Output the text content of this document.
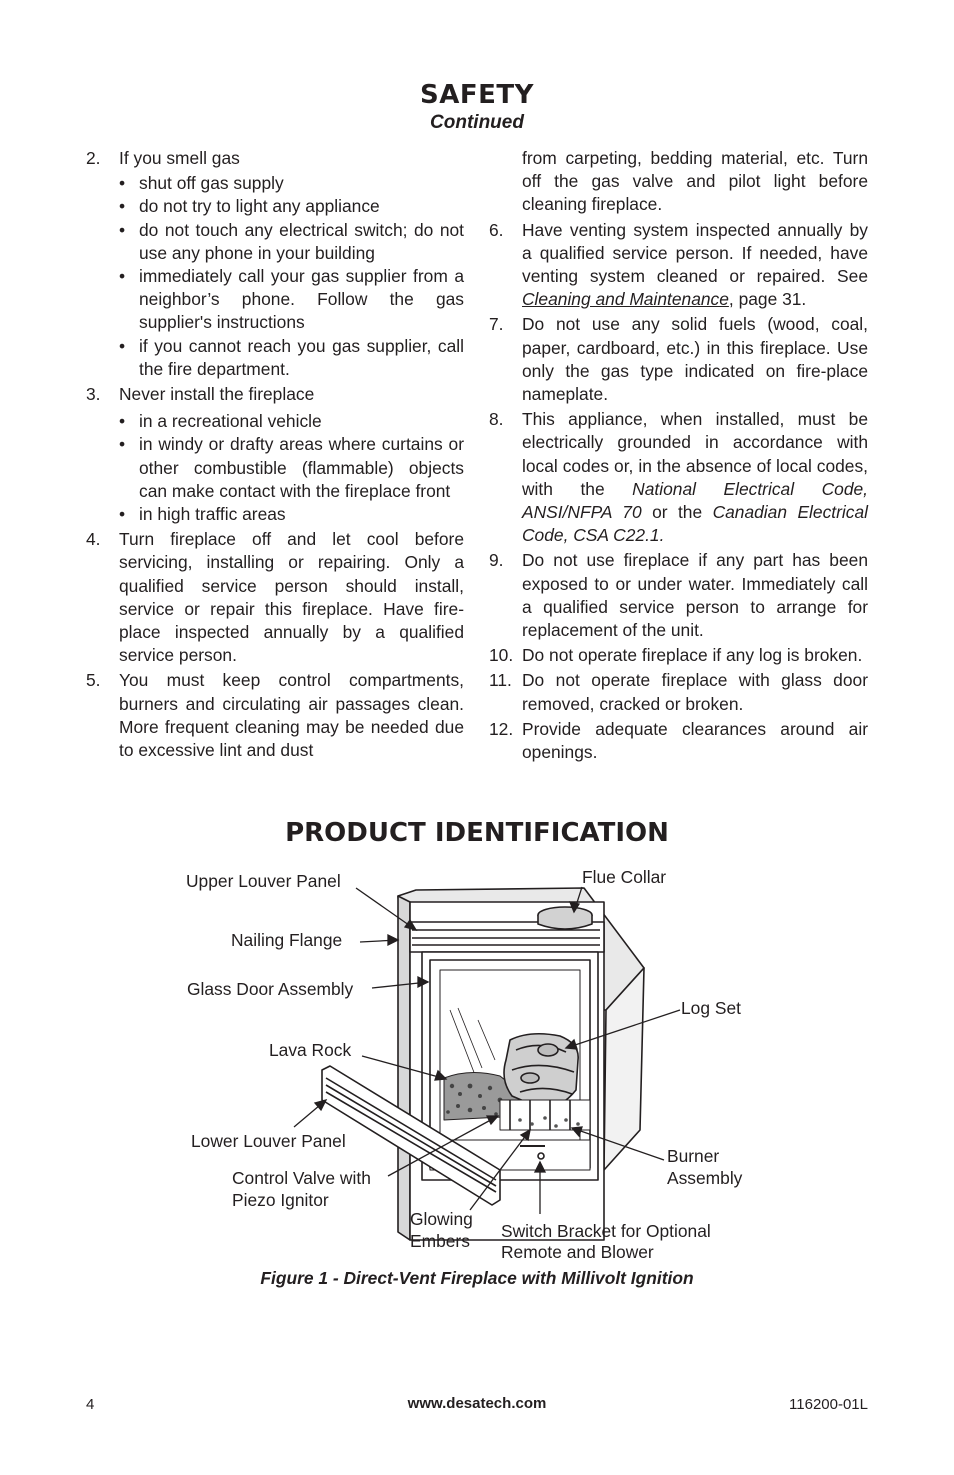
SAFETY
Continued
2.	If you smell gas
• shut off gas supply
• do not try to light any appliance
• do not touch any electrical switch; do not use any phone in your building
• immediately call your gas supplier from a neighbor’s phone. Follow the gas supplier's instructions
• if you cannot reach you gas supplier, call the fire department.
3.	Never install the fireplace
• in a recreational vehicle
• in windy or drafty areas where curtains or other combustible (flammable) objects can make contact with the fireplace front
• in high traffic areas
4.	Turn fireplace off and let cool before servicing, installing or repairing. Only a qualified service person should install, service or repair this fireplace. Have fire-place inspected annually by a qualified service person.
5.	You must keep control compartments, burners and circulating air passages clean. More frequent cleaning may be needed due to excessive lint and dust
from carpeting, bedding material, etc. Turn off the gas valve and pilot light before cleaning fireplace.
6.	Have venting system inspected annually by a qualified service person. If needed, have venting system cleaned or repaired. See Cleaning and Maintenance, page 31.
7.	Do not use any solid fuels (wood, coal, paper, cardboard, etc.) in this fireplace. Use only the gas type indicated on fire-place nameplate.
8.	This appliance, when installed, must be electrically grounded in accordance with local codes or, in the absence of local codes, with the National Electrical Code, ANSI/NFPA 70 or the Canadian Electrical Code, CSA C22.1.
9.	Do not use fireplace if any part has been exposed to or under water. Immediately call a qualified service person to arrange for replacement of the unit.
10. Do not operate fireplace if any log is broken.
11. Do not operate fireplace with glass door removed, cracked or broken.
12. Provide adequate clearances around air openings.
PRODUCT IDENTIFICATION
Upper Louver Panel	Flue Collar
Nailing Flange
Glass Door Assembly
Log Set
Lava Rock
Lower Louver Panel
Burner
Assembly
Control Valve with
Piezo Ignitor
Glowing
Embers Switch Bracket for Optional
Remote and Blower
Figure 1 - Direct-Vent Fireplace with Millivolt Ignition
4	www.desatech.com	116200-01L
